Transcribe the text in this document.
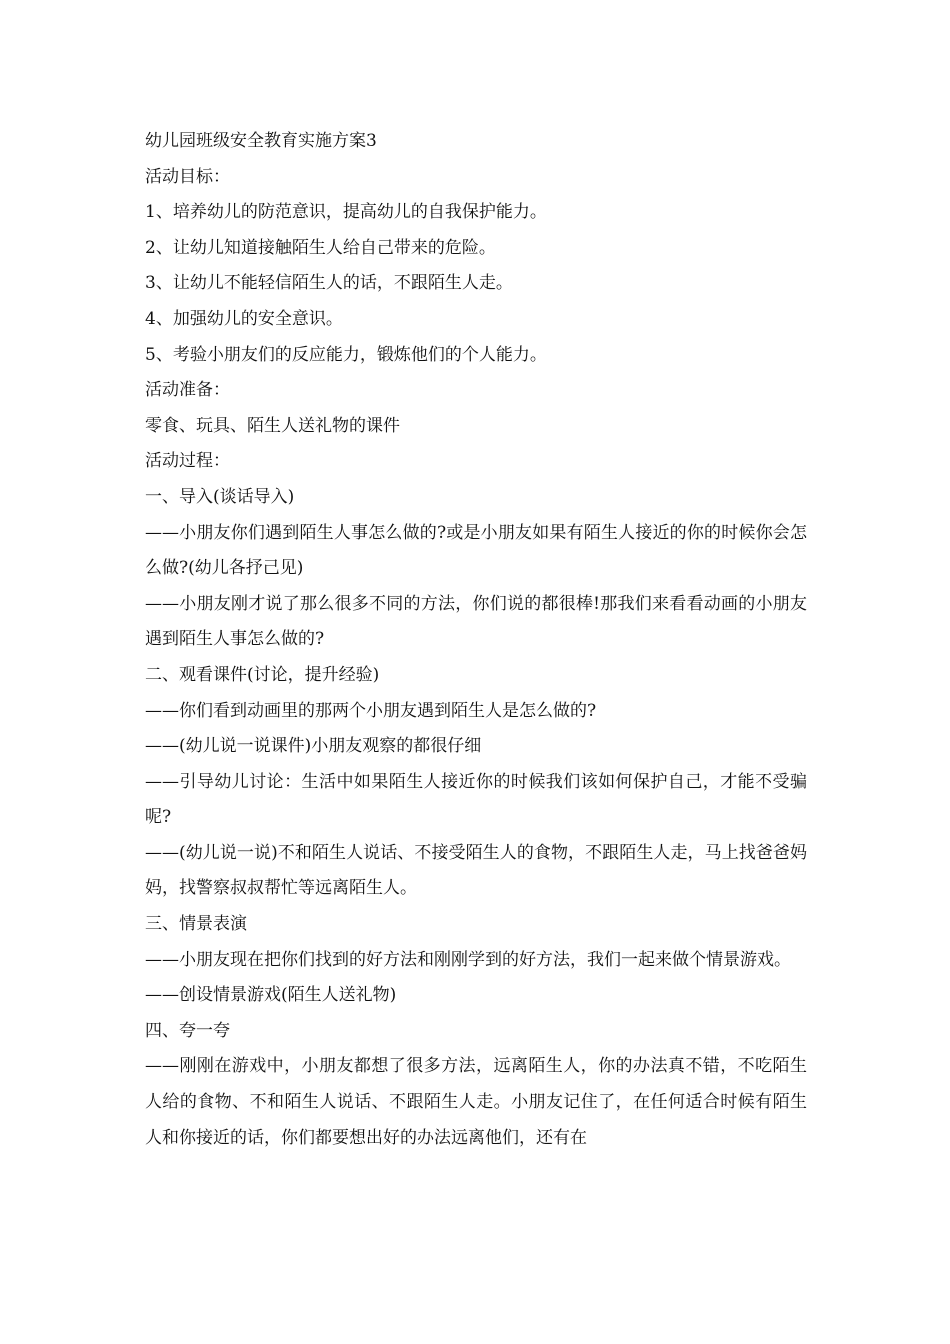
幼儿园班级安全教育实施方案3

活动目标：

1、培养幼儿的防范意识，提高幼儿的自我保护能力。

2、让幼儿知道接触陌生人给自己带来的危险。

3、让幼儿不能轻信陌生人的话，不跟陌生人走。

4、加强幼儿的安全意识。

5、考验小朋友们的反应能力，锻炼他们的个人能力。

活动准备：

零食、玩具、陌生人送礼物的课件

活动过程：

一、导入(谈话导入)

——小朋友你们遇到陌生人事怎么做的?或是小朋友如果有陌生人接近的你的时候你会怎么做?(幼儿各抒己见)

——小朋友刚才说了那么很多不同的方法，你们说的都很棒!那我们来看看动画的小朋友遇到陌生人事怎么做的?

二、观看课件(讨论，提升经验)

——你们看到动画里的那两个小朋友遇到陌生人是怎么做的?

——(幼儿说一说课件)小朋友观察的都很仔细

——引导幼儿讨论：生活中如果陌生人接近你的时候我们该如何保护自己，才能不受骗呢?

——(幼儿说一说)不和陌生人说话、不接受陌生人的食物，不跟陌生人走，马上找爸爸妈妈，找警察叔叔帮忙等远离陌生人。

三、情景表演

——小朋友现在把你们找到的好方法和刚刚学到的好方法，我们一起来做个情景游戏。

——创设情景游戏(陌生人送礼物)

四、夸一夸

——刚刚在游戏中，小朋友都想了很多方法，远离陌生人，你的办法真不错，不吃陌生人给的食物、不和陌生人说话、不跟陌生人走。小朋友记住了，在任何适合时候有陌生人和你接近的话，你们都要想出好的办法远离他们，还有在
